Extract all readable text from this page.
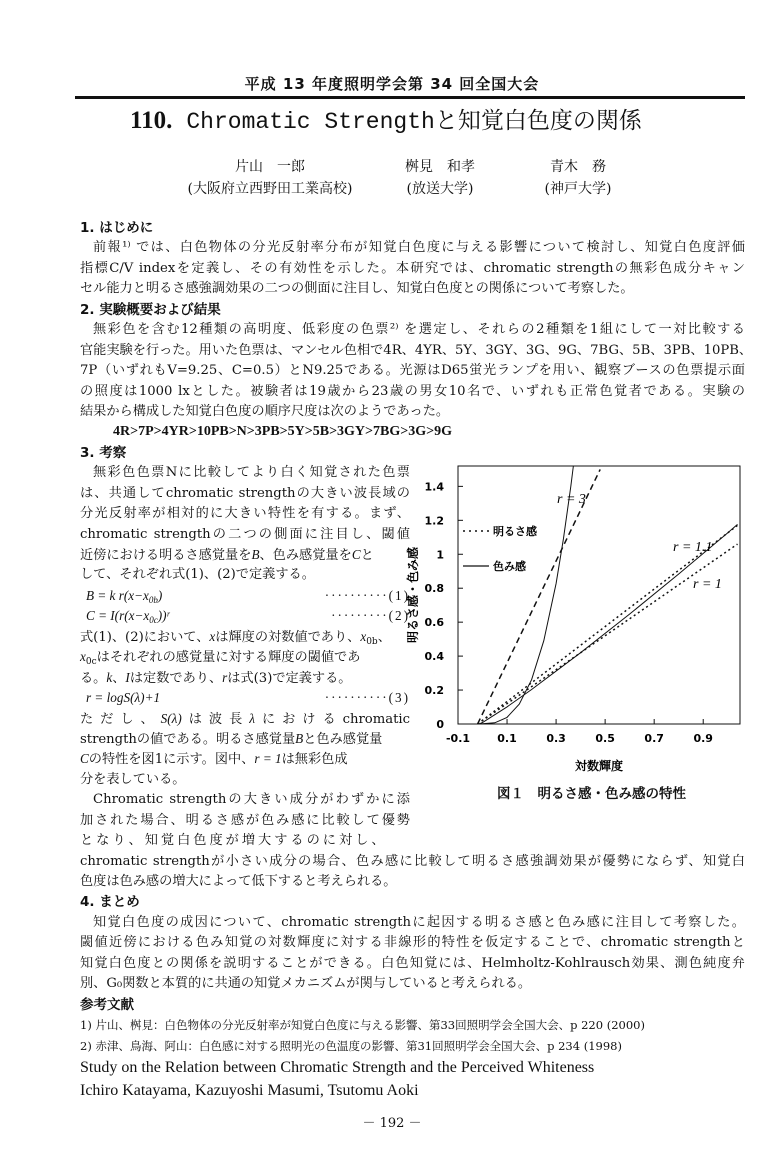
平成 13 年度照明学会第 34 回全国大会
110. Chromatic Strengthと知覚白色度の関係
片山　一郎
(大阪府立西野田工業高校)
桝見　和孝
(放送大学)
青木　務
(神戸大学)
1. はじめに
前報¹⁾ では、白色物体の分光反射率分布が知覚白色度に与える影響について検討し、知覚白色度評価
指標C/V indexを定義し、その有効性を示した。本研究では、chromatic strengthの無彩色成分キャン
セル能力と明るさ感強調効果の二つの側面に注目し、知覚白色度との関係について考察した。
2. 実験概要および結果
無彩色を含む12種類の高明度、低彩度の色票²⁾ を選定し、それらの2種類を1組にして一対比較する
官能実験を行った。用いた色票は、マンセル色相で4R、4YR、5Y、3GY、3G、9G、7BG、5B、3PB、10PB、
7P（いずれもV=9.25、C=0.5）とN9.25である。光源はD65蛍光ランプを用い、観察ブースの色票提示面
の照度は1000 lxとした。被験者は19歳から23歳の男女10名で、いずれも正常色覚者である。実験の
結果から構成した知覚白色度の順序尺度は次のようであった。
4R>7P>4YR>10PB>N>3PB>5Y>5B>3GY>7BG>3G>9G
3. 考察
無彩色色票Nに比較してより白く知覚された色票
は、共通してchromatic strengthの大きい波長域の
分光反射率が相対的に大きい特性を有する。まず、
chromatic strengthの二つの側面に注目し、閾値
近傍における明るさ感覚量をB、色み感覚量をCと
して、それぞれ式(1)、(2)で定義する。
B = k $r(x-x_{0b})$	··········(1)
$C = I(r(x-x_{0c}))ʳ$	·········(2)
式(1)、(2)において、xは輝度の対数値であり、$x_{0b}$、
$x_{0c}$はそれぞれの感覚量に対する輝度の閾値であ
る。k、Iは定数であり、rは式(3)で定義する。
r = logS(λ)+1	··········(3)
ただし、S(λ)は波長λにおけるchromatic
strengthの値である。明るさ感覚量Bと色み感覚量
Cの特性を図1に示す。図中、r = 1は無彩色成
分を表している。
Chromatic strengthの大きい成分がわずかに添
加された場合、明るさ感が色み感に比較して優勢
となり、知覚白色度が増大するのに対し、
chromatic strengthが小さい成分の場合、色み感に比較して明るさ感強調効果が優勢にならず、知覚白
色度は色み感の増大によって低下すると考えられる。
4. まとめ
知覚白色度の成因について、chromatic strengthに起因する明るさ感と色み感に注目して考察した。
閾値近傍における色み知覚の対数輝度に対する非線形的特性を仮定することで、chromatic strengthと
知覚白色度との関係を説明することができる。白色知覚には、Helmholtz-Kohlrausch効果、測色純度弁
別、G₀関数と本質的に共通の知覚メカニズムが関与していると考えられる。
参考文献
1) 片山、桝見：白色物体の分光反射率が知覚白色度に与える影響、第33回照明学会全国大会、p 220 (2000)
2) 赤津、鳥海、阿山：白色感に対する照明光の色温度の影響、第31回照明学会全国大会、p 234 (1998)
Study on the Relation between Chromatic Strength and the Perceived Whiteness
Ichiro Katayama, Kazuyoshi Masumi, Tsutomu Aoki
-0.1 0.1	0.3	0.5	0.7	0.9
0
0.2
0.4
0.6
0.8
1
1.2
1.4
明るさ感
色み感
r = 3
r = 1.1
r = 1
対数輝度
明るさ感・色み感
図１　明るさ感・色み感の特性
－ 192 －
